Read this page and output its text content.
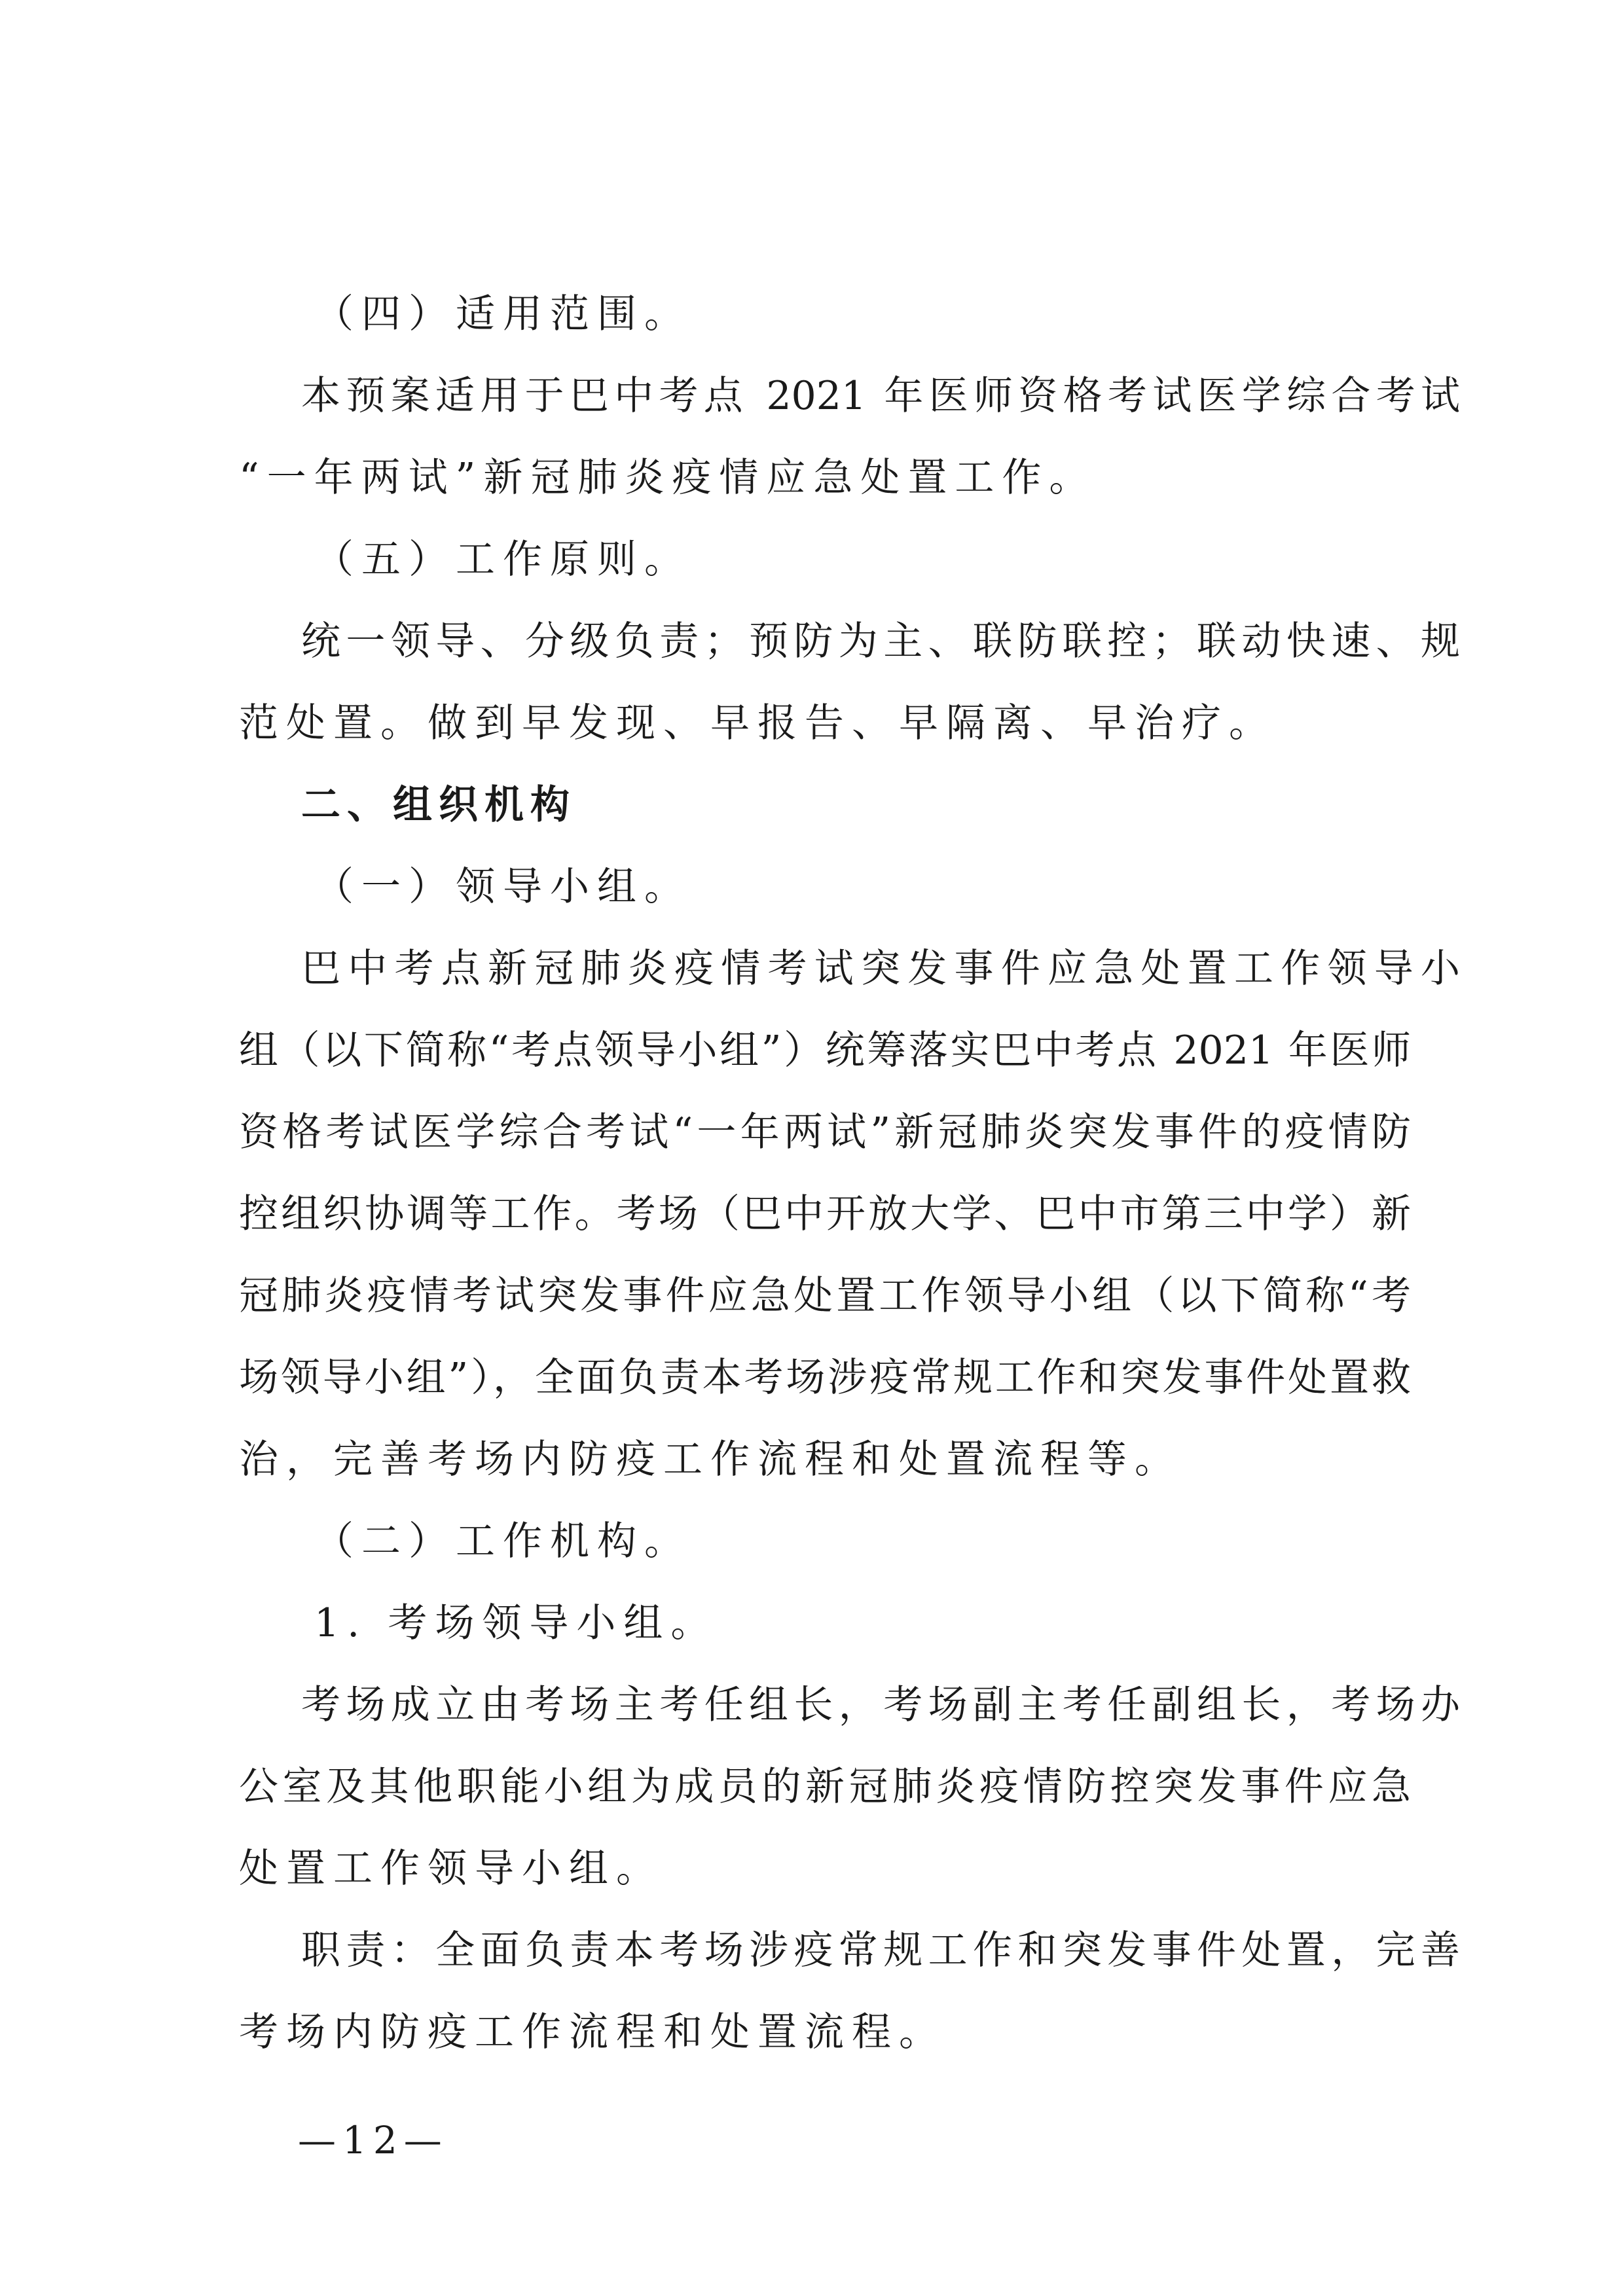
（四）适用范围。
本预案适用于巴中考点 2021 年医师资格考试医学综合考试
“一年两试”新冠肺炎疫情应急处置工作。
（五）工作原则。
统一领导、分级负责；预防为主、联防联控；联动快速、规
范处置。做到早发现、早报告、早隔离、早治疗。
二、组织机构
（一）领导小组。
巴中考点新冠肺炎疫情考试突发事件应急处置工作领导小
组（以下简称“考点领导小组”）统筹落实巴中考点 2021 年医师
资格考试医学综合考试“一年两试”新冠肺炎突发事件的疫情防
控组织协调等工作。考场（巴中开放大学、巴中市第三中学）新
冠肺炎疫情考试突发事件应急处置工作领导小组（以下简称“考
场领导小组”），全面负责本考场涉疫常规工作和突发事件处置救
治，完善考场内防疫工作流程和处置流程等。
（二）工作机构。
1. 考场领导小组。
考场成立由考场主考任组长，考场副主考任副组长，考场办
公室及其他职能小组为成员的新冠肺炎疫情防控突发事件应急
处置工作领导小组。
职责：全面负责本考场涉疫常规工作和突发事件处置，完善
考场内防疫工作流程和处置流程。
—12—
